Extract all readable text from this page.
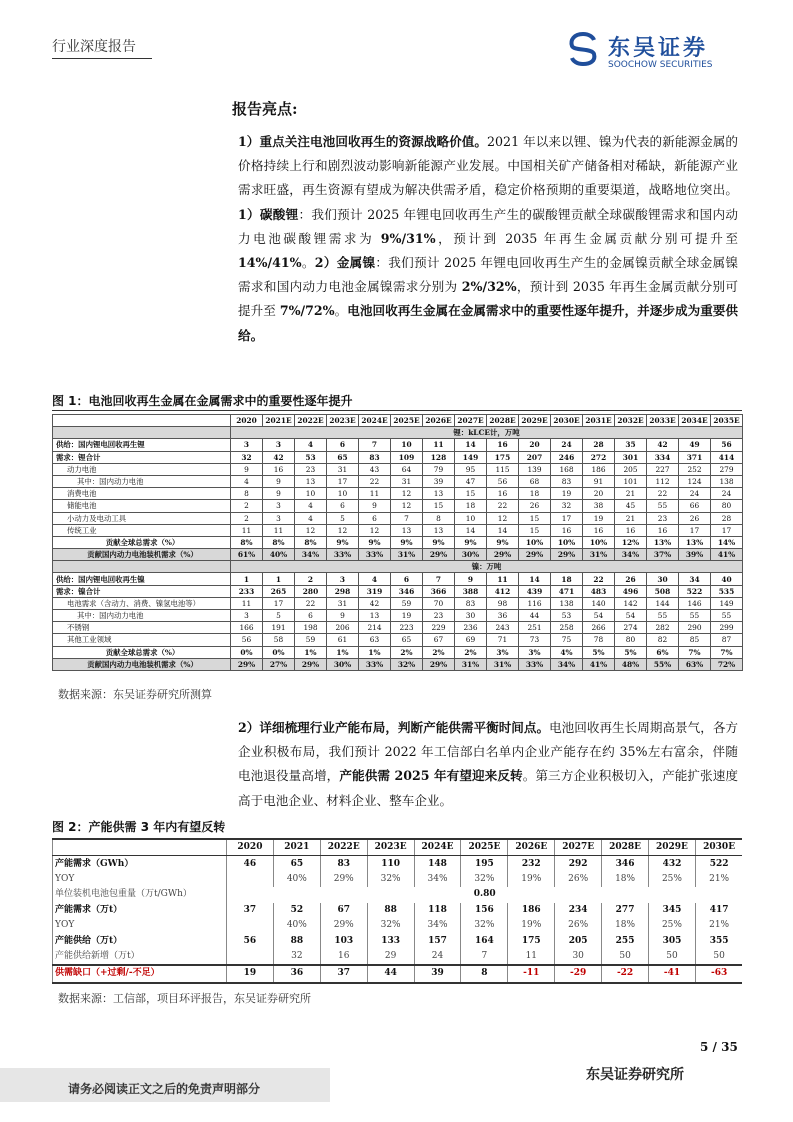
行业深度报告	东吴证券
SOOCHOW SECURITIES
报告亮点:
1）重点关注电池回收再生的资源战略价值。2021 年以来以锂、镍为代表的新能源金属的价格持续上行和剧烈波动影响新能源产业发展。中国相关矿产储备相对稀缺，新能源产业需求旺盛，再生资源有望成为解决供需矛盾，稳定价格预期的重要渠道，战略地位突出。1）碳酸锂：我们预计 2025 年锂电回收再生产生的碳酸锂贡献全球碳酸锂需求和国内动力电池碳酸锂需求为 9%/31%，预计到 2035 年再生金属贡献分别可提升至 14%/41%。2）金属镍：我们预计 2025 年锂电回收再生产生的金属镍贡献全球金属镍需求和国内动力电池金属镍需求分别为 2%/32%，预计到 2035 年再生金属贡献分别可提升至 7%/72%。电池回收再生金属在金属需求中的重要性逐年提升，并逐步成为重要供给。
图 1：电池回收再生金属在金属需求中的重要性逐年提升
	2020	2021E	2022E	2023E	2024E	2025E	2026E	2027E	2028E	2029E	2030E	2031E	2032E	2033E	2034E	2035E
	锂：kLCE计，万吨															
供给：国内锂电回收再生锂	3	3	4	6	7	10	11	14	16	20	24	28	35	42	49	56
需求：锂合计	32	42	53	65	83	109	128	149	175	207	246	272	301	334	371	414
动力电池	9	16	23	31	43	64	79	95	115	139	168	186	205	227	252	279
其中：国内动力电池	4	9	13	17	22	31	39	47	56	68	83	91	101	112	124	138
消费电池	8	9	10	10	11	12	13	15	16	18	19	20	21	22	24	24
储能电池	2	3	4	6	9	12	15	18	22	26	32	38	45	55	66	80
小动力及电动工具	2	3	4	5	6	7	8	10	12	15	17	19	21	23	26	28
传统工业	11	11	12	12	12	13	13	14	14	15	16	16	16	16	17	17
贡献全球总需求（%）	8%	8%	8%	9%	9%	9%	9%	9%	9%	10%	10%	10%	12%	13%	13%	14%
贡献国内动力电池装机需求（%）	61%	40%	34%	33%	33%	31%	29%	30%	29%	29%	29%	31%	34%	37%	39%	41%
	镍：万吨															
供给：国内锂电回收再生镍	1	1	2	3	4	6	7	9	11	14	18	22	26	30	34	40
需求：镍合计	233	265	280	298	319	346	366	388	412	439	471	483	496	508	522	535
电池需求（含动力、消费、镍氢电池等）	11	17	22	31	42	59	70	83	98	116	138	140	142	144	146	149
其中：国内动力电池	3	5	6	9	13	19	23	30	36	44	53	54	54	55	55	55
不锈钢	166	191	198	206	214	223	229	236	243	251	258	266	274	282	290	299
其他工业领域	56	58	59	61	63	65	67	69	71	73	75	78	80	82	85	87
贡献全球总需求（%）	0%	0%	1%	1%	1%	2%	2%	2%	3%	3%	4%	5%	5%	6%	7%	7%
贡献国内动力电池装机需求（%）	29%	27%	29%	30%	33%	32%	29%	31%	31%	33%	34%	41%	48%	55%	63%	72%
数据来源：东吴证券研究所测算
2）详细梳理行业产能布局，判断产能供需平衡时间点。电池回收再生长周期高景气，各方企业积极布局，我们预计 2022 年工信部白名单内企业产能存在约 35%左右富余，伴随电池退役量高增，产能供需 2025 年有望迎来反转。第三方企业积极切入，产能扩张速度高于电池企业、材料企业、整车企业。
图 2：产能供需 3 年内有望反转
	2020	2021	2022E	2023E	2024E	2025E	2026E	2027E	2028E	2029E	2030E
产能需求（GWh）	46	65	83	110	148	195	232	292	346	432	522
YOY		40%	29%	32%	34%	32%	19%	26%	18%	25%	21%
单位装机电池包重量（万t/GWh）	0.80										
产能需求（万t）	37	52	67	88	118	156	186	234	277	345	417
YOY		40%	29%	32%	34%	32%	19%	26%	18%	25%	21%
产能供给（万t）	56	88	103	133	157	164	175	205	255	305	355
产能供给新增（万t）		32	16	29	24	7	11	30	50	50	50
供需缺口（+过剩/-不足）	19	36	37	44	39	8	-11	-29	-22	-41	-63
数据来源：工信部，项目环评报告，东吴证券研究所
5 / 35
请务必阅读正文之后的免责声明部分
东吴证券研究所
